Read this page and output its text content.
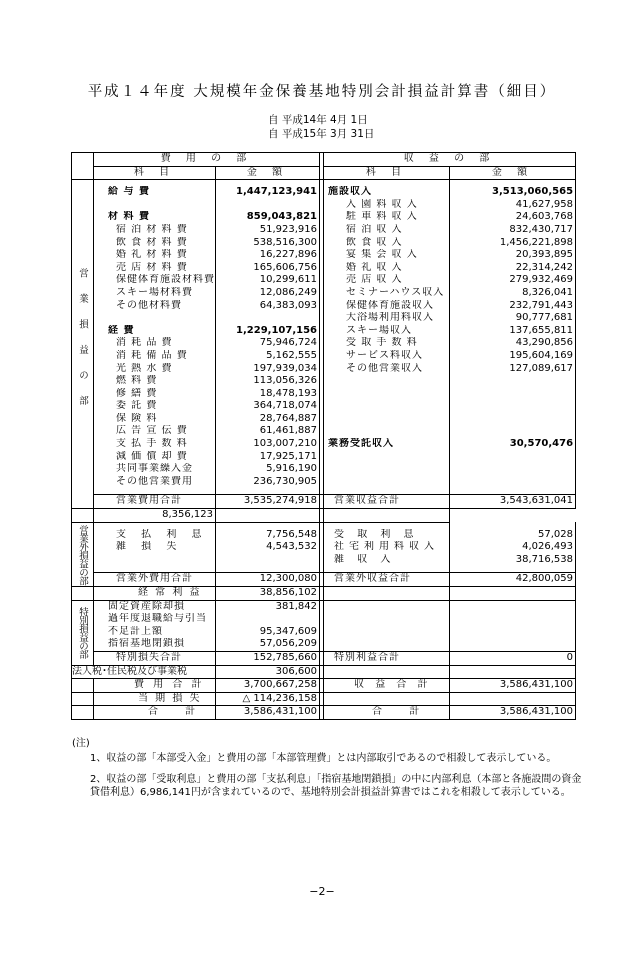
平成１４年度 大規模年金保養基地特別会計損益計算書（細目）
自 平成14年 4月 1日
自 平成15年 3月 31日
	費 用 の 部			収 益 の 部	
	科 目	金 額		科 目	金 額

営業損益の部					

	給 与 費	1,447,123,941		施設収入	3,513,060,565
				入 園 料 収 入	41,627,958
	材 料 費	859,043,821		駐 車 料 収 入	24,603,768
	宿 泊 材 料 費	51,923,916		宿 泊 収 入	832,430,717
	飲 食 材 料 費	538,516,300		飲 食 収 入	1,456,221,898
	婚 礼 材 料 費	16,227,896		宴 集 会 収 入	20,393,895
	売 店 材 料 費	165,606,756		婚 礼 収 入	22,314,242
	保健体育施設材料費	10,299,611		売 店 収 入	279,932,469
	スキー場材料費	12,086,249		セミナーハウス収入	8,326,041
	その他材料費	64,383,093		保健体育施設収入	232,791,443
				大浴場利用料収入	90,777,681
	経 費	1,229,107,156		スキー場収入	137,655,811
	消 耗 品 費	75,946,724		受 取 手 数 料	43,290,856
	消 耗 備 品 費	5,162,555		サービス料収入	195,604,169
	光 熱 水 費	197,939,034		その他営業収入	127,089,617
	燃 料 費	113,056,326			
	修 繕 費	18,478,193			
	委 託 費	364,718,074			
	保 険 料	28,764,887			
	広 告 宣 伝 費	61,461,887			
	支 払 手 数 料	103,007,210		業務受託収入	30,570,476
	減 価 償 却 費	17,925,171			
	共同事業繰入金	5,916,190			
	その他営業費用	236,730,905			

	営業費用合計	3,535,274,918		営業収益合計	3,543,631,041
	8,356,123				

営業外損益の部					

	支 払 利 息	7,756,548		受 取 利 息	57,028
	雑 損 失	4,543,532		社宅利用料収入	4,026,493
				雑 収 入	38,716,538

	営業外費用合計	12,300,080		営業外収益合計	42,800,059
	経 常 利 益	38,856,102			

特別損益の部	固定資産除却損	381,842			
	過年度退職給与引当				
	不足計上額	95,347,609			
	指宿基地閉鎖損	57,056,209			
	特別損失合計	152,785,660		特別利益合計	0
法人税･住民税及び事業税		306,600			
	費 用 合 計	3,700,667,258		収 益 合 計	3,586,431,100
	当 期 損 失	△ 114,236,158			
	合 計	3,586,431,100		合 計	3,586,431,100
(注)
1、収益の部「本部受入金」と費用の部「本部管理費」とは内部取引であるので相殺して表示している。
2、収益の部「受取利息」と費用の部「支払利息」「指宿基地閉鎖損」の中に内部利息（本部と各施設間の資金貸借利息）6,986,141円が含まれているので、基地特別会計損益計算書ではこれを相殺して表示している。
−2−
